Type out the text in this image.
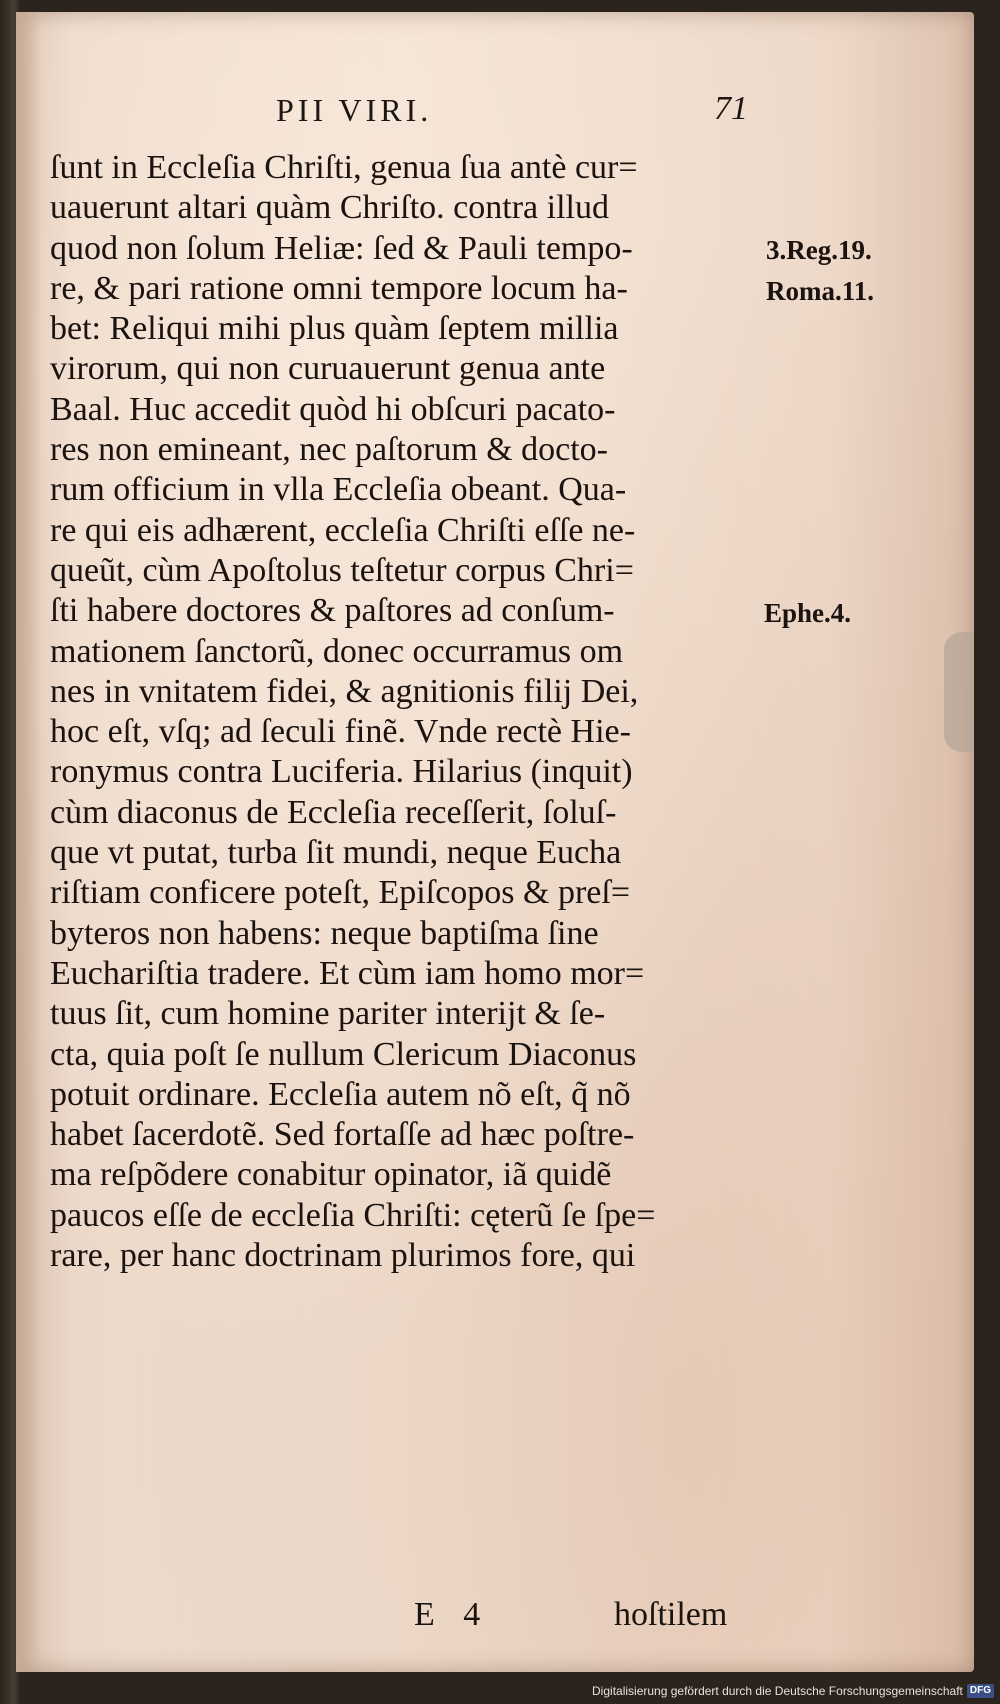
PII VIRI.	71
ſunt in Eccleſia Chriſti, genua ſua antè cur=
uauerunt altari quàm Chriſto. contra illud
quod non ſolum Heliæ: ſed & Pauli tempo-
re, & pari ratione omni tempore locum ha-
bet: Reliqui mihi plus quàm ſeptem millia
virorum, qui non curuauerunt genua ante
Baal. Huc accedit quòd hi obſcuri pacato-
res non emineant, nec paſtorum & docto-
rum officium in vlla Eccleſia obeant. Qua-
re qui eis adhærent, eccleſia Chriſti eſſe ne-
queũt, cùm Apoſtolus teſtetur corpus Chri=
ſti habere doctores & paſtores ad conſum-
mationem ſanctorũ, donec occurramus om
nes in vnitatem fidei, & agnitionis filij Dei,
hoc eſt, vſq; ad ſeculi finẽ. Vnde rectè Hie-
ronymus contra Luciferia. Hilarius (inquit)
cùm diaconus de Eccleſia receſſerit, ſoluſ-
que vt putat, turba ſit mundi, neque Eucha
riſtiam conficere poteſt, Epiſcopos & preſ=
byteros non habens: neque baptiſma ſine
Euchariſtia tradere. Et cùm iam homo mor=
tuus ſit, cum homine pariter interijt & ſe-
cta, quia poſt ſe nullum Clericum Diaconus
potuit ordinare. Eccleſia autem nõ eſt, q̃ nõ
habet ſacerdotẽ. Sed fortaſſe ad hæc poſtre-
ma reſpõdere conabitur opinator, iã quidẽ
paucos eſſe de eccleſia Chriſti: cęterũ ſe ſpe=
rare, per hanc doctrinam plurimos fore, qui
3.Reg.19.
Roma.11.
Ephe.4.
E 4	hoſtilem
Digitalisierung gefördert durch die Deutsche Forschungsgemeinschaft DFG
